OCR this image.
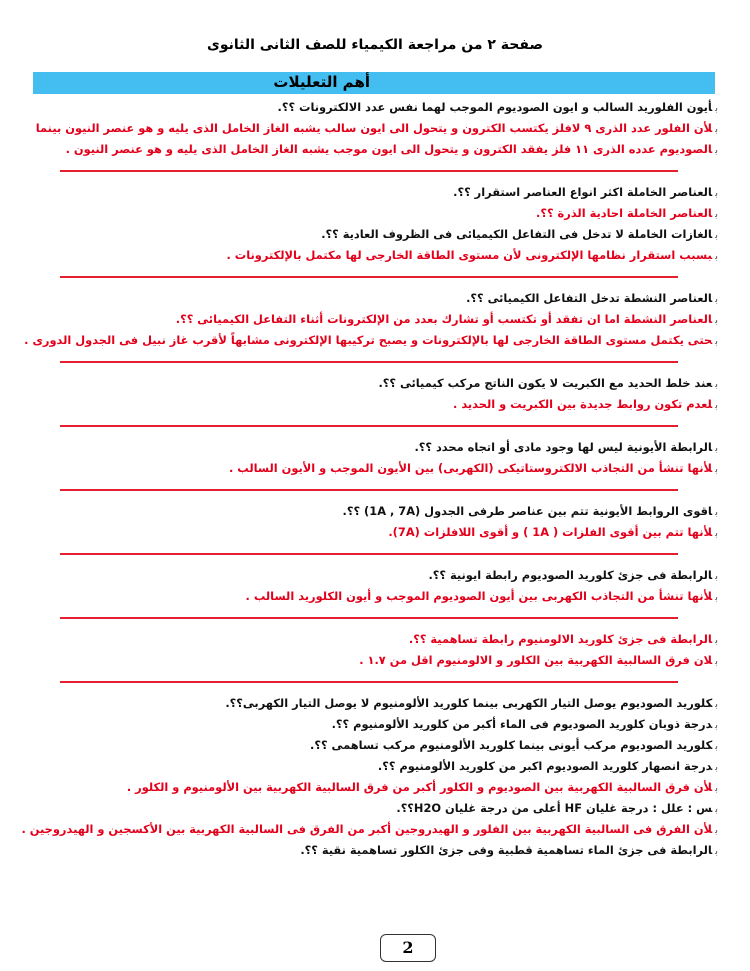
صفحة ٢ من مراجعة الكيمياء للصف الثانى الثانوى
أهم التعليلات
بأيون الفلوريد السالب و ايون الصوديوم الموجب لهما نفس عدد الالكترونات ؟؟.
بلأن الفلور عدد الذرى ٩ لافلز يكتسب الكترون و يتحول الى ايون سالب يشبه الغاز الخامل الذى يليه و هو عنصر النيون بينما
بالصوديوم عدده الذرى ١١ فلز يفقد الكترون و يتحول الى ايون موجب يشبه الغاز الخامل الذى يليه و هو عنصر النيون .
بالعناصر الخاملة اكثر انواع العناصر استقرار ؟؟.
بالعناصر الخاملة احادية الذرة ؟؟.
بالغازات الخاملة لا تدخل فى التفاعل الكيميائى فى الظروف العادية ؟؟.
ببسبب استقرار نظامها الإلكترونى لأن مستوى الطاقة الخارجى لها مكتمل بالإلكترونات .
بالعناصر النشطة تدخل التفاعل الكيميائى ؟؟.
بالعناصر النشطة اما ان تفقد أو تكتسب أو تشارك بعدد من الإلكترونات أثناء التفاعل الكيميائى ؟؟.
بحتى يكتمل مستوى الطاقة الخارجى لها بالإلكترونات و يصبح تركيبها الإلكترونى مشابهاً لأقرب غاز نبيل فى الجدول الدورى .
بعند خلط الحديد مع الكبريت لا يكون الناتج مركب كيميائى ؟؟.
بلعدم تكون روابط جديدة بين الكبريت و الحديد .
بالرابطة الأيونية ليس لها وجود مادى أو اتجاه محدد ؟؟.
بلأنها تنشأ من التجاذب الالكتروستاتيكى (الكهربى) بين الأيون الموجب و الأيون السالب .
باقوى الروابط الأيونية تتم بين عناصر طرفى الجدول (1A , 7A) ؟؟.
بلأنها تتم بين أقوى الفلزات ( 1A ) و أقوى اللافلزات (7A).
بالرابطة فى جزئ كلوريد الصوديوم رابطة ايونية ؟؟.
بلأنها تنشأ من التجاذب الكهربى بين أيون الصوديوم الموجب و أيون الكلوريد السالب .
بالرابطة فى جزئ كلوريد الالومنيوم رابطة تساهمية ؟؟.
بلان فرق السالبية الكهربية بين الكلور و الالومنيوم اقل من ١.٧ .
بكلوريد الصوديوم يوصل التيار الكهربى بينما كلوريد الألومنيوم لا يوصل التيار الكهربى؟؟.
بدرجة ذوبان كلوريد الصوديوم فى الماء أكبر من كلوريد الألومنيوم ؟؟.
بكلوريد الصوديوم مركب أيونى بينما كلوريد الألومنيوم مركب تساهمى ؟؟.
بدرجة انصهار كلوريد الصوديوم اكبر من كلوريد الألومنيوم ؟؟.
بلأن فرق السالبية الكهربية بين الصوديوم و الكلور أكبر من فرق السالبية الكهربية بين الألومنيوم و الكلور .
بس : علل : درجة غليان HF أعلى من درجة غليان H2O؟؟.
بلأن الفرق فى السالبية الكهربية بين الفلور و الهيدروجين أكبر من الفرق فى السالبية الكهربية بين الأكسجين و الهيدروجين .
بالرابطة فى جزئ الماء تساهمية قطبية وفى جزئ الكلور تساهمية نقية ؟؟.
2
